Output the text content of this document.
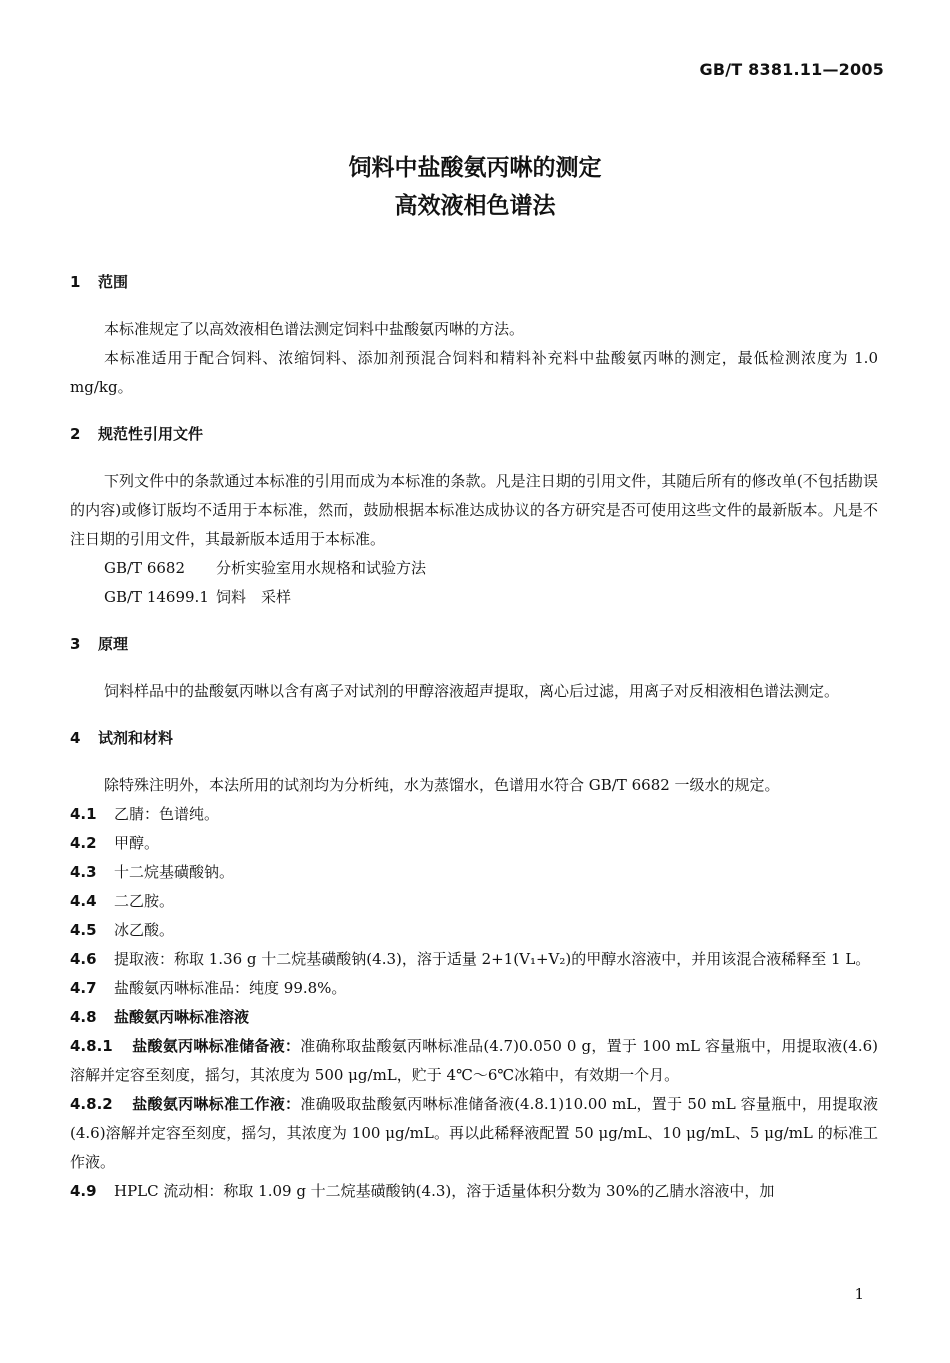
GB/T 8381.11—2005
饲料中盐酸氨丙啉的测定
高效液相色谱法
1 范围

本标准规定了以高效液相色谱法测定饲料中盐酸氨丙啉的方法。

本标准适用于配合饲料、浓缩饲料、添加剂预混合饲料和精料补充料中盐酸氨丙啉的测定，最低检测浓度为 1.0 mg/kg。

2 规范性引用文件

下列文件中的条款通过本标准的引用而成为本标准的条款。凡是注日期的引用文件，其随后所有的修改单(不包括勘误的内容)或修订版均不适用于本标准，然而，鼓励根据本标准达成协议的各方研究是否可使用这些文件的最新版本。凡是不注日期的引用文件，其最新版本适用于本标准。

GB/T 6682 分析实验室用水规格和试验方法

GB/T 14699.1 饲料　采样

3 原理

饲料样品中的盐酸氨丙啉以含有离子对试剂的甲醇溶液超声提取，离心后过滤，用离子对反相液相色谱法测定。

4 试剂和材料

除特殊注明外，本法所用的试剂均为分析纯，水为蒸馏水，色谱用水符合 GB/T 6682 一级水的规定。

4.1 乙腈：色谱纯。

4.2 甲醇。

4.3 十二烷基磺酸钠。

4.4 二乙胺。

4.5 冰乙酸。

4.6 提取液：称取 1.36 g 十二烷基磺酸钠(4.3)，溶于适量 2+1(V₁+V₂)的甲醇水溶液中，并用该混合液稀释至 1 L。

4.7 盐酸氨丙啉标准品：纯度 99.8%。

4.8 盐酸氨丙啉标准溶液

4.8.1 盐酸氨丙啉标准储备液：准确称取盐酸氨丙啉标准品(4.7)0.050 0 g，置于 100 mL 容量瓶中，用提取液(4.6)溶解并定容至刻度，摇匀，其浓度为 500 μg/mL，贮于 4℃～6℃冰箱中，有效期一个月。

4.8.2 盐酸氨丙啉标准工作液：准确吸取盐酸氨丙啉标准储备液(4.8.1)10.00 mL，置于 50 mL 容量瓶中，用提取液(4.6)溶解并定容至刻度，摇匀，其浓度为 100 μg/mL。再以此稀释液配置 50 μg/mL、10 μg/mL、5 μg/mL 的标准工作液。

4.9 HPLC 流动相：称取 1.09 g 十二烷基磺酸钠(4.3)，溶于适量体积分数为 30%的乙腈水溶液中，加

1
